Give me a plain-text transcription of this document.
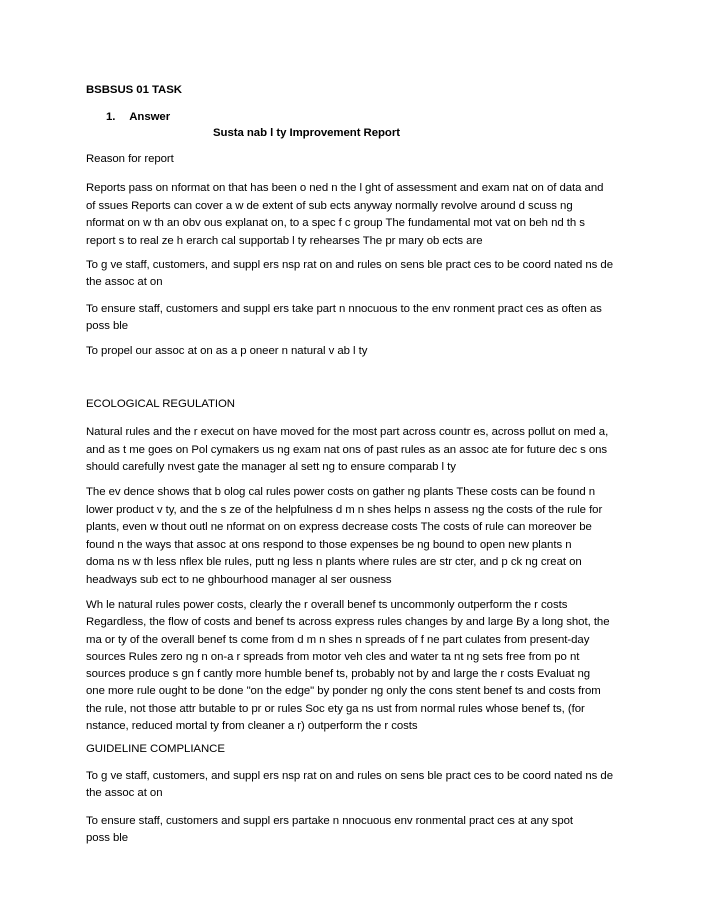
BSBSUS 01 TASK
1. Answer
Susta nab l ty Improvement Report
Reason for report
Reports pass on nformat on that has been o ned n the l ght of assessment and exam nat on of data and
of ssues Reports can cover a w de extent of sub ects anyway normally revolve around d scuss ng
nformat on w th an obv ous explanat on, to a spec f c group The fundamental mot vat on beh nd th s
report s to real ze h erarch cal supportab l ty rehearses The pr mary ob ects are
To g ve staff, customers, and suppl ers nsp rat on and rules on sens ble pract ces to be coord nated ns de
the assoc at on
To ensure staff, customers and suppl ers take part n nnocuous to the env ronment pract ces as often as
poss ble
To propel our assoc at on as a p oneer n natural v ab l ty
ECOLOGICAL REGULATION
Natural rules and the r execut on have moved for the most part across countr es, across pollut on med a,
and as t me goes on Pol cymakers us ng exam nat ons of past rules as an assoc ate for future dec s ons
should carefully nvest gate the manager al sett ng to ensure comparab l ty
The ev dence shows that b olog cal rules power costs on gather ng plants These costs can be found n
lower product v ty, and the s ze of the helpfulness d m n shes helps n assess ng the costs of the rule for
plants, even w thout outl ne nformat on on express decrease costs The costs of rule can moreover be
found n the ways that assoc at ons respond to those expenses be ng bound to open new plants n
doma ns w th less nflex ble rules, putt ng less n plants where rules are str cter, and p ck ng creat on
headways sub ect to ne ghbourhood manager al ser ousness
Wh le natural rules power costs, clearly the r overall benef ts uncommonly outperform the r costs
Regardless, the flow of costs and benef ts across express rules changes by and large By a long shot, the
ma or ty of the overall benef ts come from d m n shes n spreads of f ne part culates from present-day
sources Rules zero ng n on-a r spreads from motor veh cles and water ta nt ng sets free from po nt
sources produce s gn f cantly more humble benef ts, probably not by and large the r costs Evaluat ng
one more rule ought to be done "on the edge" by ponder ng only the cons stent benef ts and costs from
the rule, not those attr butable to pr or rules Soc ety ga ns ust from normal rules whose benef ts, (for
nstance, reduced mortal ty from cleaner a r) outperform the r costs
GUIDELINE COMPLIANCE
To g ve staff, customers, and suppl ers nsp rat on and rules on sens ble pract ces to be coord nated ns de
the assoc at on
To ensure staff, customers and suppl ers partake n nnocuous env ronmental pract ces at any spot
poss ble
